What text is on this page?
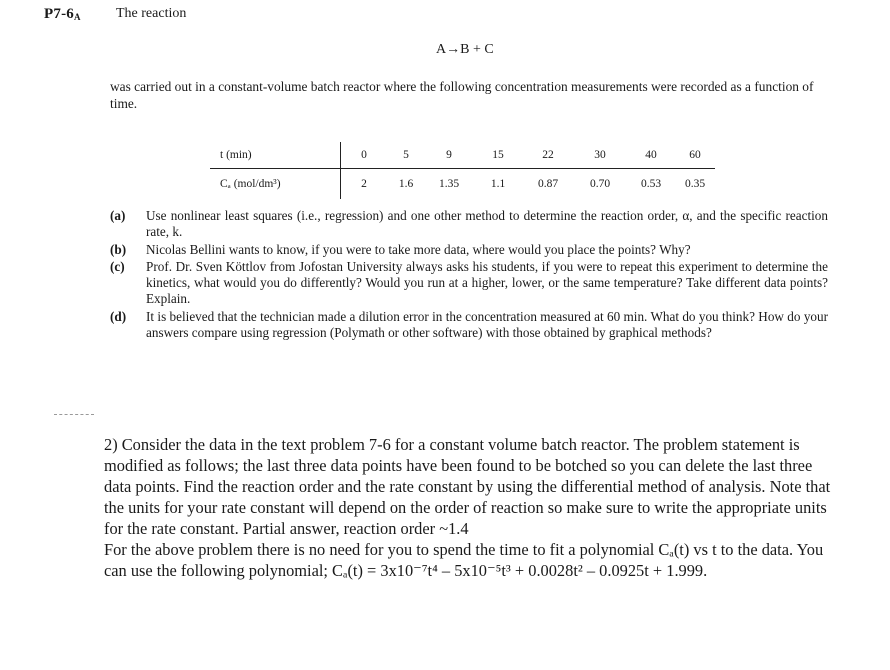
$P7-6_A$	The reaction
A→B + C
was carried out in a constant-volume batch reactor where the following concentration measurements were recorded as a function of time.
t (min)		0	5	9	15	22	30	40	60
Cₐ (mol/dm³)		2	1.6	1.35	1.1	0.87	0.70	0.53	0.35
(a)	Use nonlinear least squares (i.e., regression) and one other method to determine the reaction order, α, and the specific reaction rate, k.
(b)	Nicolas Bellini wants to know, if you were to take more data, where would you place the points? Why?
(c)	Prof. Dr. Sven Köttlov from Jofostan University always asks his students, if you were to repeat this experiment to determine the kinetics, what would you do differently? Would you run at a higher, lower, or the same temperature? Take different data points? Explain.
(d)	It is believed that the technician made a dilution error in the concentration measured at 60 min. What do you think? How do your answers compare using regression (Polymath or other software) with those obtained by graphical methods?

2) Consider the data in the text problem 7-6 for a constant volume batch reactor. The problem statement is modified as follows; the last three data points have been found to be botched so you can delete the last three data points. Find the reaction order and the rate constant by using the differential method of analysis. Note that the units for your rate constant will depend on the order of reaction so make sure to write the appropriate units for the rate constant. Partial answer, reaction order ~1.4

For the above problem there is no need for you to spend the time to fit a polynomial Cₐ(t) vs t to the data. You can use the following polynomial; Cₐ(t) = 3x10⁻⁷t⁴ – 5x10⁻⁵t³ + 0.0028t² – 0.0925t + 1.999.
